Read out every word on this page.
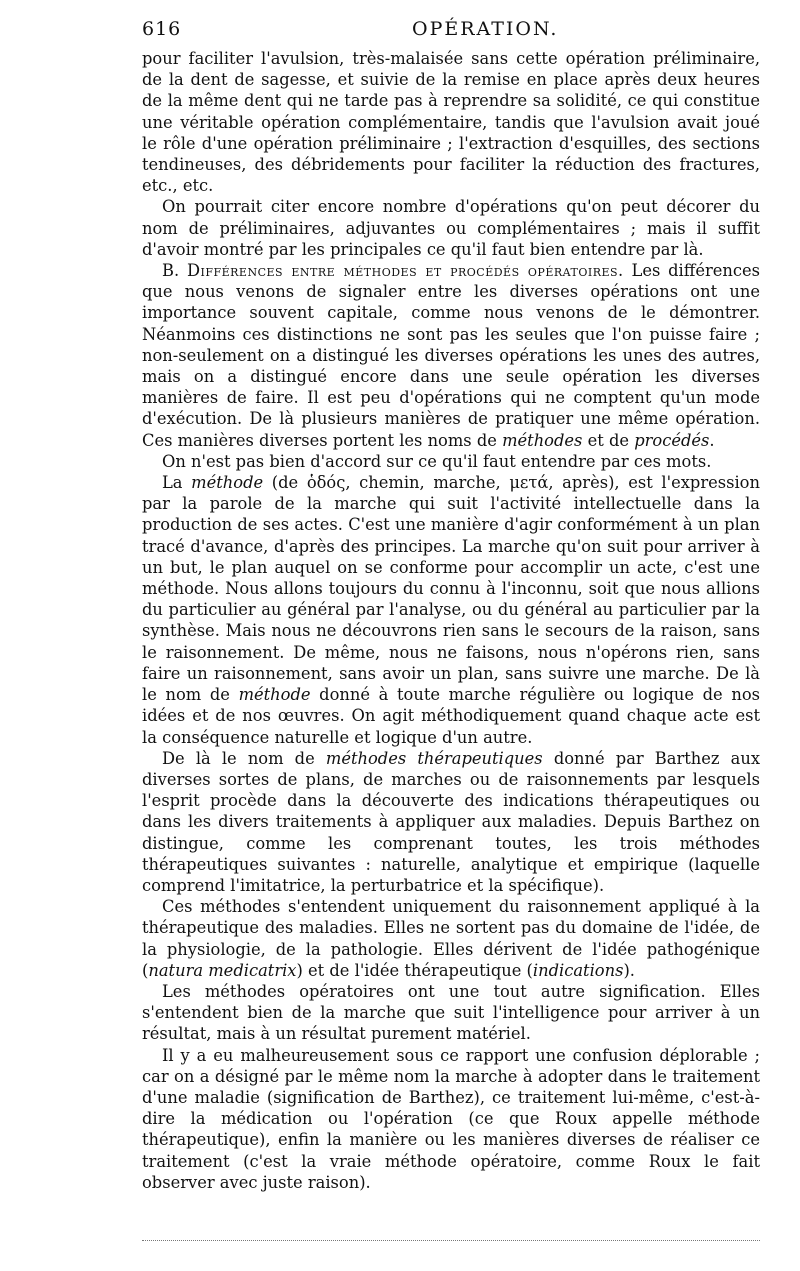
616	OPÉRATION.

pour faciliter l'avulsion, très-malaisée sans cette opération préliminaire, de la dent de sagesse, et suivie de la remise en place après deux heures de la même dent qui ne tarde pas à reprendre sa solidité, ce qui constitue une véritable opération complémentaire, tandis que l'avulsion avait joué le rôle d'une opération préliminaire ; l'extraction d'esquilles, des sections tendineuses, des débridements pour faciliter la réduction des fractures, etc., etc.

On pourrait citer encore nombre d'opérations qu'on peut décorer du nom de préliminaires, adjuvantes ou complémentaires ; mais il suffit d'avoir montré par les principales ce qu'il faut bien entendre par là.

B. Différences entre méthodes et procédés opératoires. Les différences que nous venons de signaler entre les diverses opérations ont une importance souvent capitale, comme nous venons de le démontrer. Néanmoins ces distinctions ne sont pas les seules que l'on puisse faire ; non-seulement on a distingué les diverses opérations les unes des autres, mais on a distingué encore dans une seule opération les diverses manières de faire. Il est peu d'opérations qui ne comptent qu'un mode d'exécution. De là plusieurs manières de pratiquer une même opération. Ces manières diverses portent les noms de méthodes et de procédés.

On n'est pas bien d'accord sur ce qu'il faut entendre par ces mots.

La méthode (de ὁδός, chemin, marche, μετά, après), est l'expression par la parole de la marche qui suit l'activité intellectuelle dans la production de ses actes. C'est une manière d'agir conformément à un plan tracé d'avance, d'après des principes. La marche qu'on suit pour arriver à un but, le plan auquel on se conforme pour accomplir un acte, c'est une méthode. Nous allons toujours du connu à l'inconnu, soit que nous allions du particulier au général par l'analyse, ou du général au particulier par la synthèse. Mais nous ne découvrons rien sans le secours de la raison, sans le raisonnement. De même, nous ne faisons, nous n'opérons rien, sans faire un raisonnement, sans avoir un plan, sans suivre une marche. De là le nom de méthode donné à toute marche régulière ou logique de nos idées et de nos œuvres. On agit méthodiquement quand chaque acte est la conséquence naturelle et logique d'un autre.

De là le nom de méthodes thérapeutiques donné par Barthez aux diverses sortes de plans, de marches ou de raisonnements par lesquels l'esprit procède dans la découverte des indications thérapeutiques ou dans les divers traitements à appliquer aux maladies. Depuis Barthez on distingue, comme les comprenant toutes, les trois méthodes thérapeutiques suivantes : naturelle, analytique et empirique (laquelle comprend l'imitatrice, la perturbatrice et la spécifique).

Ces méthodes s'entendent uniquement du raisonnement appliqué à la thérapeutique des maladies. Elles ne sortent pas du domaine de l'idée, de la physiologie, de la pathologie. Elles dérivent de l'idée pathogénique (natura medicatrix) et de l'idée thérapeutique (indications).

Les méthodes opératoires ont une tout autre signification. Elles s'entendent bien de la marche que suit l'intelligence pour arriver à un résultat, mais à un résultat purement matériel.

Il y a eu malheureusement sous ce rapport une confusion déplorable ; car on a désigné par le même nom la marche à adopter dans le traitement d'une maladie (signification de Barthez), ce traitement lui-même, c'est-à-dire la médication ou l'opération (ce que Roux appelle méthode thérapeutique), enfin la manière ou les manières diverses de réaliser ce traitement (c'est la vraie méthode opératoire, comme Roux le fait observer avec juste raison).
